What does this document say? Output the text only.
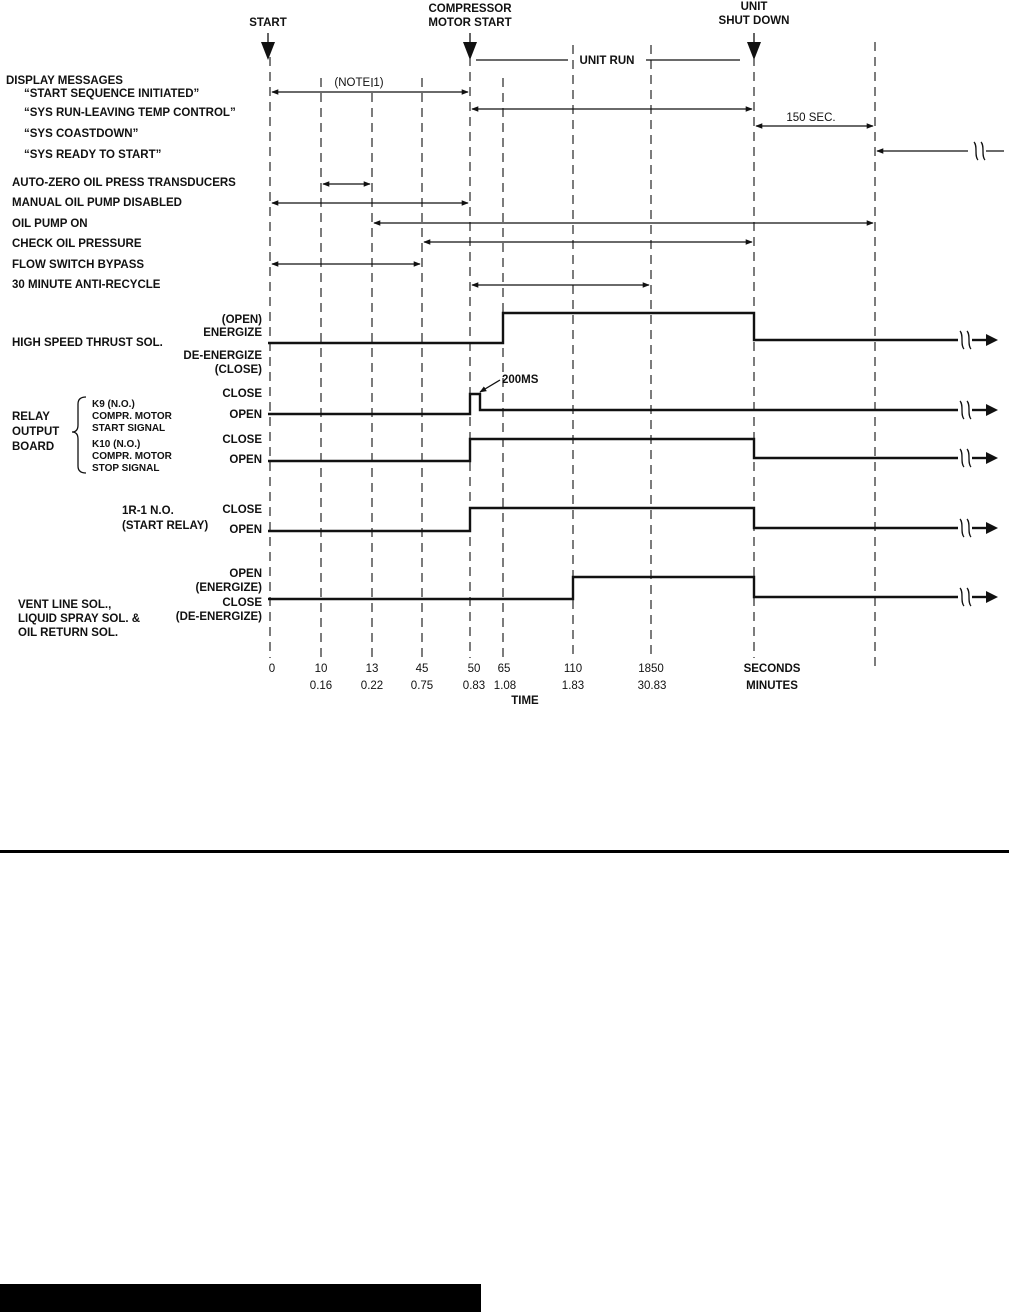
START
COMPRESSOR
MOTOR START
UNIT
SHUT DOWN
UNIT RUN
DISPLAY MESSAGES
“START SEQUENCE INITIATED”
“SYS RUN-LEAVING TEMP CONTROL”
“SYS COASTDOWN”
“SYS READY TO START”
(NOTE 1)
150 SEC.
AUTO-ZERO OIL PRESS TRANSDUCERS
MANUAL OIL PUMP DISABLED
OIL PUMP ON
CHECK OIL PRESSURE
FLOW SWITCH BYPASS
30 MINUTE ANTI-RECYCLE
HIGH SPEED THRUST SOL.
(OPEN)
ENERGIZE
DE-ENERGIZE
(CLOSE)
RELAY
OUTPUT
BOARD
K9 (N.O.)
COMPR. MOTOR
START SIGNAL
K10 (N.O.)
COMPR. MOTOR
STOP SIGNAL
CLOSE
OPEN
CLOSE
OPEN
200MS
1R-1 N.O.
(START RELAY)
CLOSE
OPEN
VENT LINE SOL.,
LIQUID SPRAY SOL. &
OIL RETURN SOL.
OPEN
(ENERGIZE)
CLOSE
(DE-ENERGIZE)
0	10	13	45	50 65	110	1850	SECONDS
0.16 0.22 0.75	0.83 1.08	1.83	30.83	MINUTES
TIME
